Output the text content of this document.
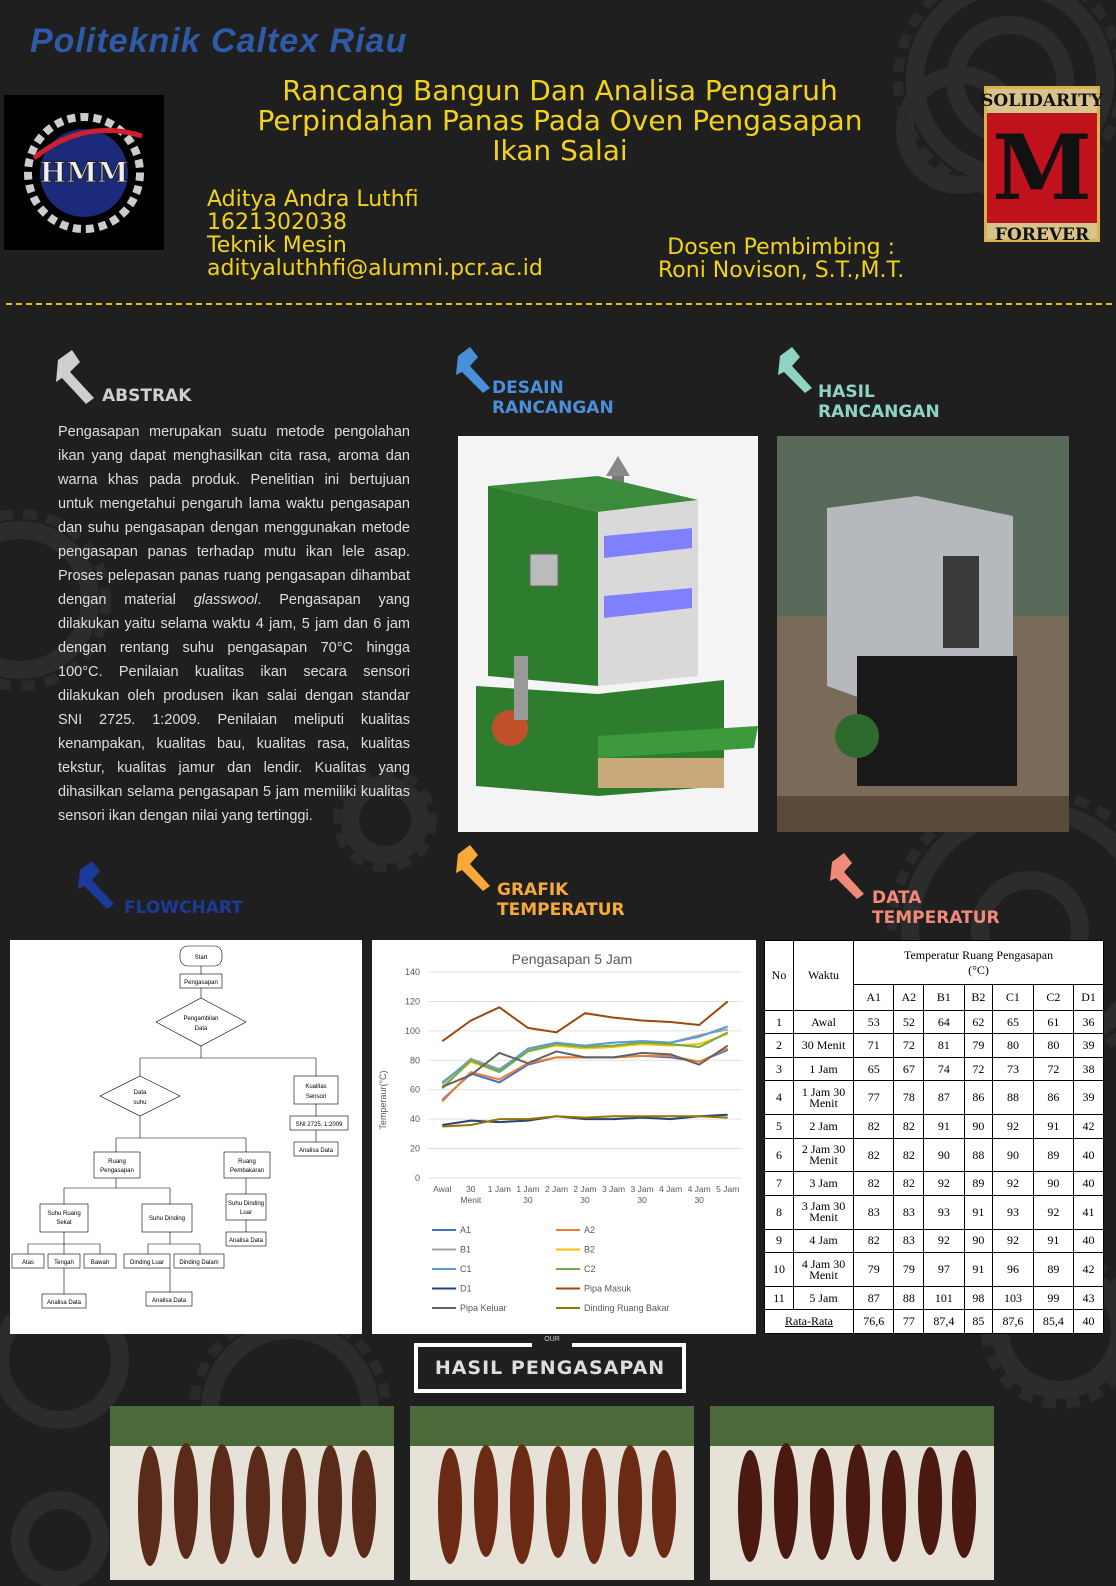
Politeknik Caltex Riau
HMM
SOLIDARITY
M
FOREVER
Rancang Bangun Dan Analisa Pengaruh
Perpindahan Panas Pada Oven Pengasapan
Ikan Salai
Aditya Andra Luthfi
1621302038
Teknik Mesin
adityaluthhfi@alumni.pcr.ac.id
Dosen Pembimbing :
Roni Novison, S.T.,M.T.
ABSTRAK	DESAIN
RANCANGAN
HASIL
RANCANGAN
FLOWCHART
GRAFIK
TEMPERATUR
DATA
TEMPERATUR
Pengasapan merupakan suatu metode pengolahan ikan yang dapat menghasilkan cita rasa, aroma dan warna khas pada produk. Penelitian ini bertujuan untuk mengetahui pengaruh lama waktu pengasapan dan suhu pengasapan dengan menggunakan metode pengasapan panas terhadap mutu ikan lele asap. Proses pelepasan panas ruang pengasapan dihambat dengan material glasswool. Pengasapan yang dilakukan yaitu selama waktu 4 jam, 5 jam dan 6 jam dengan rentang suhu pengasapan 70°C hingga 100°C. Penilaian kualitas ikan secara sensori dilakukan oleh produsen ikan salai dengan standar SNI 2725. 1:2009. Penilaian meliputi kualitas kenampakan, kualitas bau, kualitas rasa, kualitas tekstur, kualitas jamur dan lendir. Kualitas yang dihasilkan selama pengasapan 5 jam memiliki kualitas sensori ikan dengan nilai yang tertinggi.
Start
Pengasapan
Pengambilan
Data
Data
suhu
Kualitas
Sensori
SNI 2725. 1:2009
Analisa Data
Ruang
Pengasapan
Ruang
Pembakaran
Suhu Dinding
Luar
Analisa Data
Suhu Ruang
Sekat
Suhu Dinding
Atas	Tengah	Bawah	Dinding Luar	Dinding Dalam
Analisa Data	Analisa Data
Pengasapan 5 Jam
Temperaur(°C)
0
20
40
60
80
100
120
140
Awal 30
Menit
1 Jam 1 Jam
30
2 Jam 2 Jam
30
3 Jam 3 Jam
30
4 Jam 4 Jam
30
5 Jam
A1	A2
B1	B2
C1	C2
D1	Pipa Masuk
Pipa Keluar	Dinding Ruang Bakar
No	Waktu	Temperatur Ruang Pengasapan
(°C)						

		A1	A2	B1	B2	C1	C2	D1
1	Awal	53	52	64	62	65	61	36
2	30 Menit	71	72	81	79	80	80	39
3	1 Jam	65	67	74	72	73	72	38
4	1 Jam 30
Menit	77	78	87	86	88	86	39
5	2 Jam	82	82	91	90	92	91	42
6	2 Jam 30
Menit	82	82	90	88	90	89	40
7	3 Jam	82	82	92	89	92	90	40
8	3 Jam 30
Menit	83	83	93	91	93	92	41
9	4 Jam	82	83	92	90	92	91	40
10	4 Jam 30
Menit	79	79	97	91	96	89	42
11	5 Jam	87	88	101	98	103	99	43
Rata-Rata		76,6	77	87,4	85	87,6	85,4	40
OUR
HASIL PENGASAPAN
